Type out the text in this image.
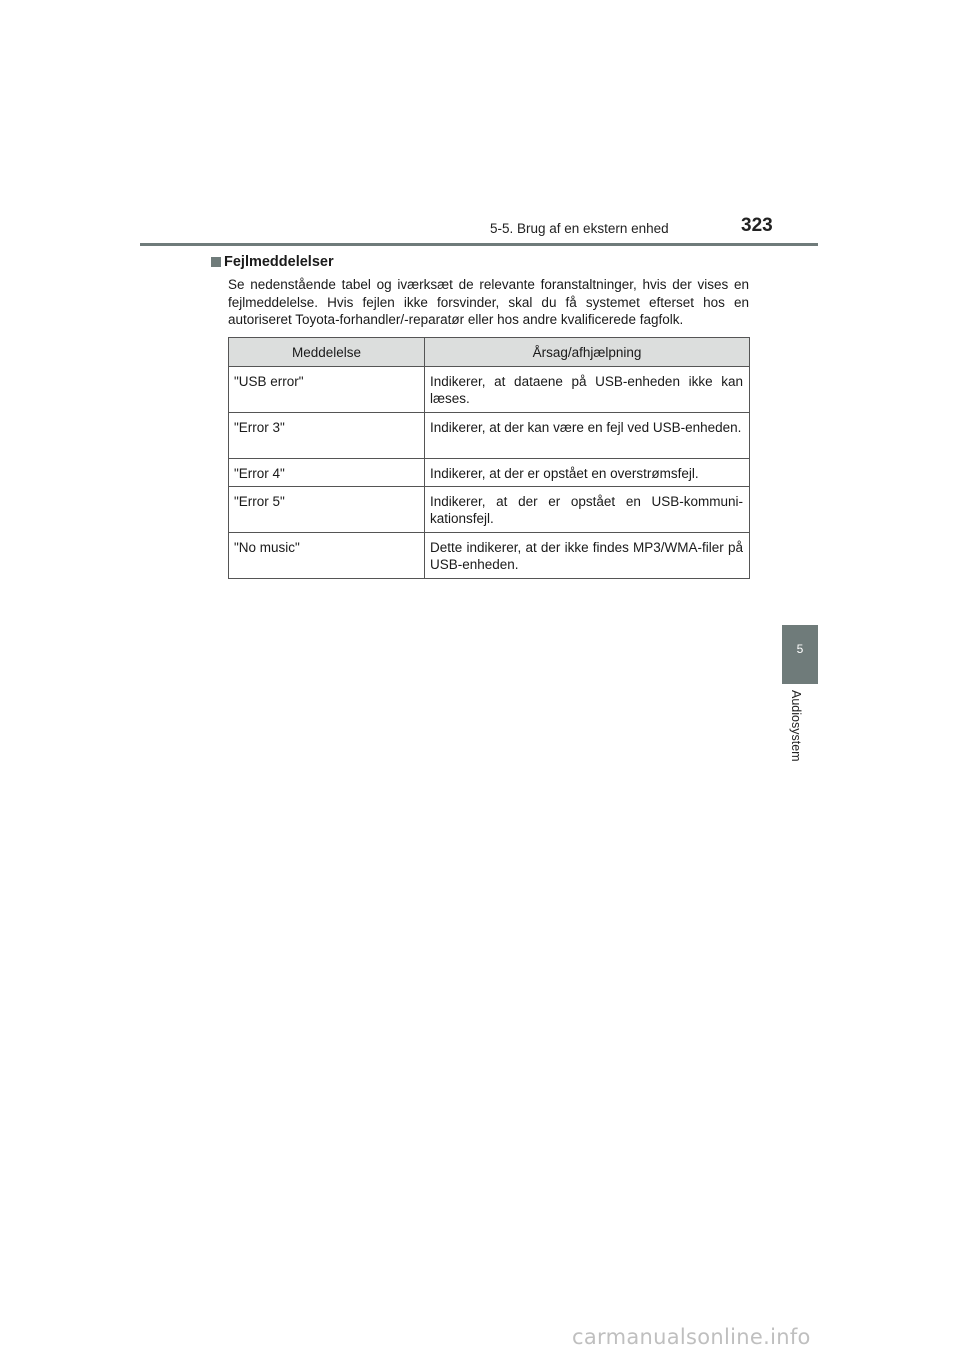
5-5. Brug af en ekstern enhed	323
Fejlmeddelelser

Se nedenstående tabel og iværksæt de relevante foranstaltninger, hvis der vises en fejlmeddelelse. Hvis fejlen ikke forsvinder, skal du få systemet efterset hos en autoriseret Toyota-forhandler/-reparatør eller hos andre kvalificerede fagfolk.

Meddelelse	Årsag/afhjælpning
"USB error"	Indikerer, at dataene på USB-enheden ikke kan læses.
"Error 3"	Indikerer, at der kan være en fejl ved USB-enheden.
"Error 4"	Indikerer, at der er opstået en overstrømsfejl.
"Error 5"	Indikerer, at der er opstået en USB-kommuni-kationsfejl.
"No music"	Dette indikerer, at der ikke findes MP3/WMA-filer på USB-enheden.
5
Audiosystem
carmanualsonline.info
